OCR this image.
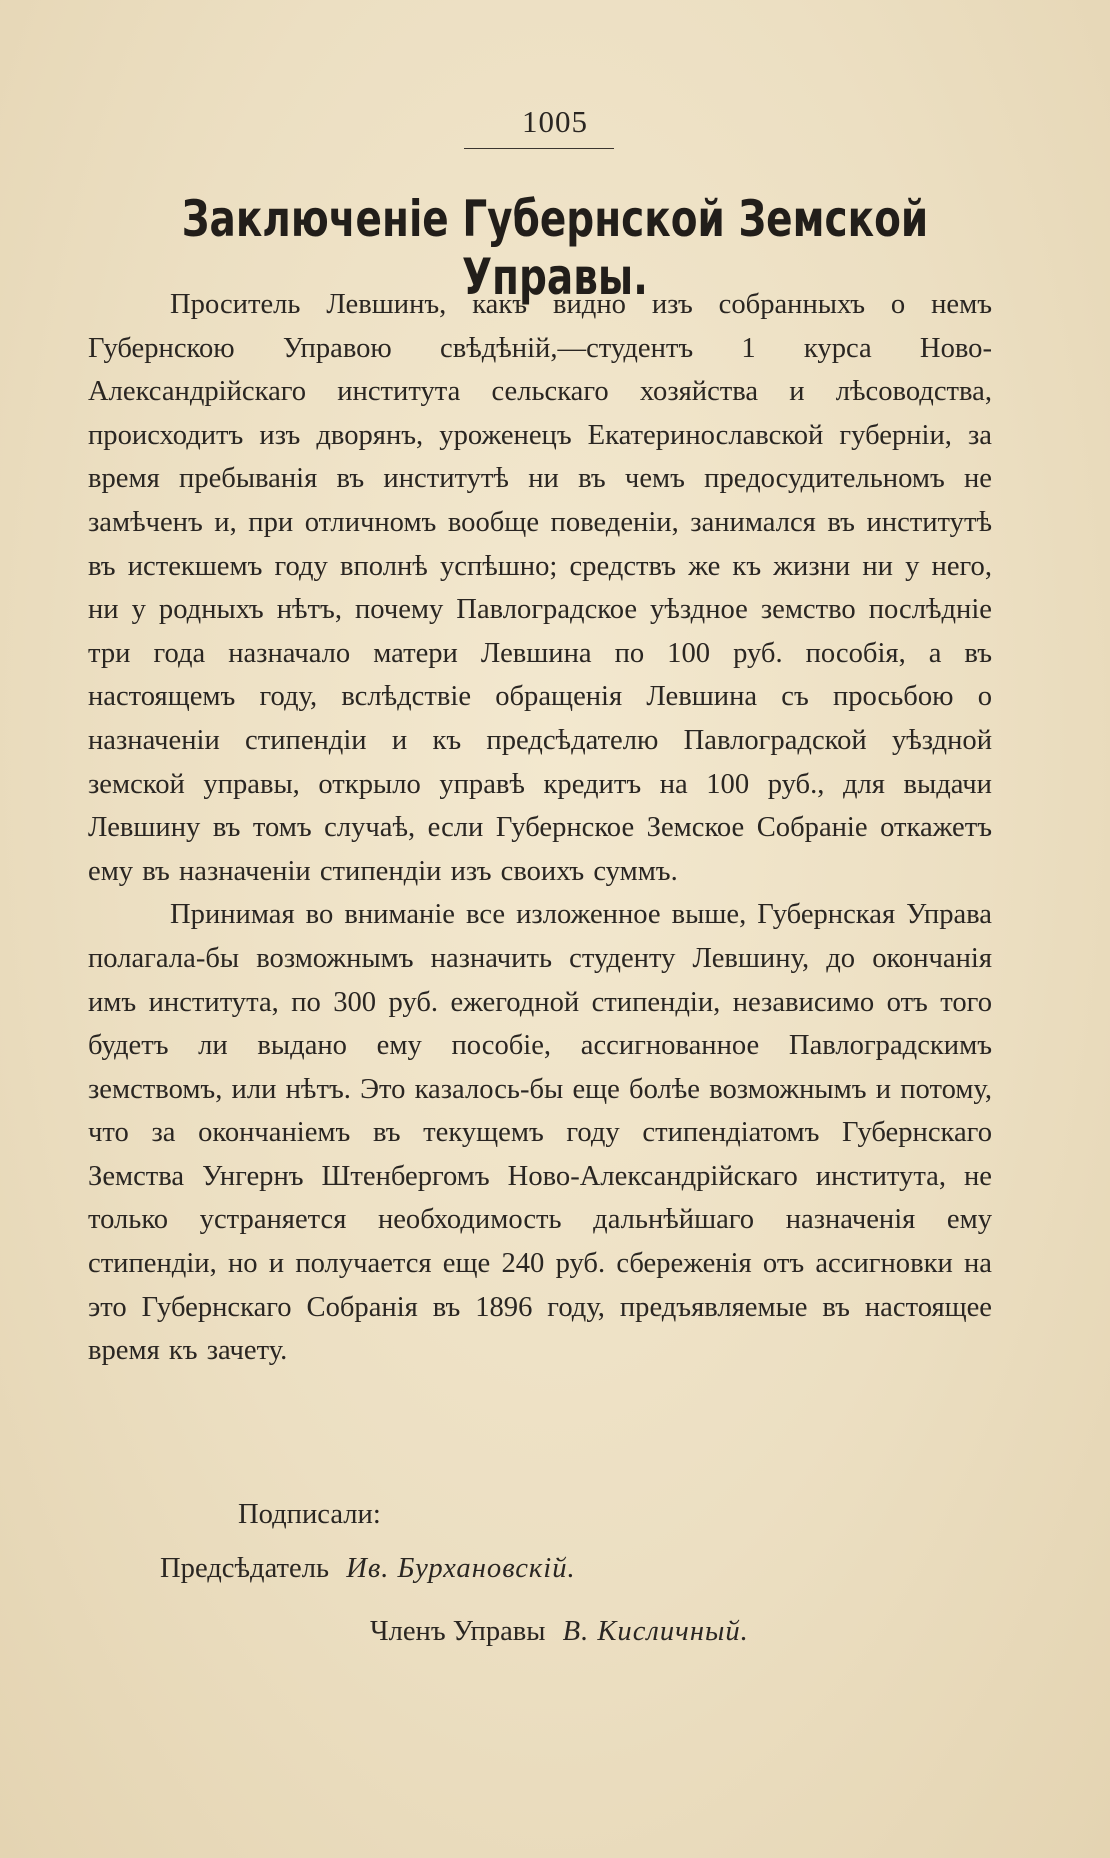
1005
Заключеніе Губернской Земской Управы.

Проситель Левшинъ, какъ видно изъ собранныхъ о немъ Губернскою Управою свѣдѣній,—студентъ 1 курса Ново-Александрійскаго института сельскаго хозяйства и лѣсоводства, происходитъ изъ дворянъ, уроженецъ Екатеринославской губерніи, за время пребыванія въ институтѣ ни въ чемъ предосудительномъ не замѣченъ и, при отличномъ вообще поведеніи, занимался въ институтѣ въ истекшемъ году вполнѣ успѣшно; средствъ же къ жизни ни у него, ни у родныхъ нѣтъ, почему Павлоградское уѣздное земство послѣдніе три года назначало матери Левшина по 100 руб. пособія, а въ настоящемъ году, вслѣдствіе обращенія Левшина съ просьбою о назначеніи стипендіи и къ предсѣдателю Павлоградской уѣздной земской управы, открыло управѣ кредитъ на 100 руб., для выдачи Левшину въ томъ случаѣ, если Губернское Земское Собраніе откажетъ ему въ назначеніи стипендіи изъ своихъ суммъ.

Принимая во вниманіе все изложенное выше, Губернская Управа полагала-бы возможнымъ назначить студенту Левшину, до окончанія имъ института, по 300 руб. ежегодной стипендіи, независимо отъ того будетъ ли выдано ему пособіе, ассигнованное Павлоградскимъ земствомъ, или нѣтъ. Это казалось-бы еще болѣе возможнымъ и потому, что за окончаніемъ въ текущемъ году стипендіатомъ Губернскаго Земства Унгернъ Штенбергомъ Ново-Александрійскаго института, не только устраняется необходимость дальнѣйшаго назначенія ему стипендіи, но и получается еще 240 руб. сбереженія отъ ассигновки на это Губернскаго Собранія въ 1896 году, предъявляемые въ настоящее время къ зачету.

Подписали:
Предсѣдатель Ив. Бурхановскій.
Членъ Управы В. Кисличный.
